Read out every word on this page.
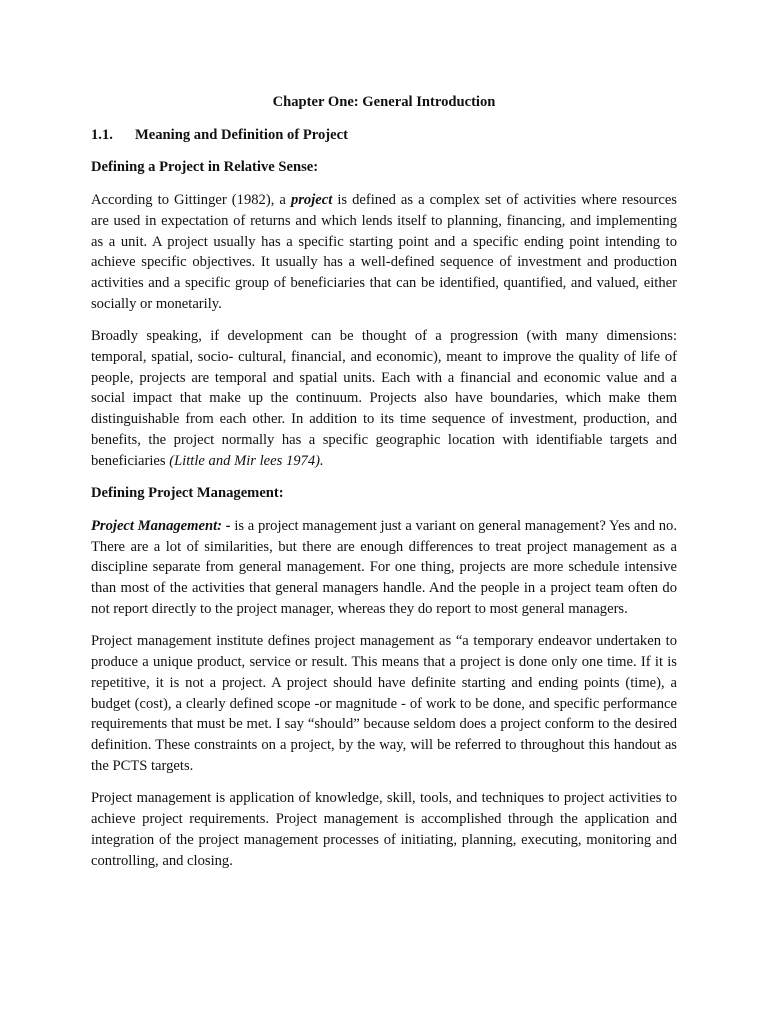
Chapter One: General Introduction
1.1. Meaning and Definition of Project
Defining a Project in Relative Sense:

According to Gittinger (1982), a project is defined as a complex set of activities where resources are used in expectation of returns and which lends itself to planning, financing, and implementing as a unit. A project usually has a specific starting point and a specific ending point intending to achieve specific objectives. It usually has a well-defined sequence of investment and production activities and a specific group of beneficiaries that can be identified, quantified, and valued, either socially or monetarily.

Broadly speaking, if development can be thought of a progression (with many dimensions: temporal, spatial, socio- cultural, financial, and economic), meant to improve the quality of life of people, projects are temporal and spatial units. Each with a financial and economic value and a social impact that make up the continuum. Projects also have boundaries, which make them distinguishable from each other. In addition to its time sequence of investment, production, and benefits, the project normally has a specific geographic location with identifiable targets and beneficiaries (Little and Mir lees 1974).

Defining Project Management:

Project Management: - is a project management just a variant on general management? Yes and no. There are a lot of similarities, but there are enough differences to treat project management as a discipline separate from general management. For one thing, projects are more schedule intensive than most of the activities that general managers handle. And the people in a project team often do not report directly to the project manager, whereas they do report to most general managers.

Project management institute defines project management as “a temporary endeavor undertaken to produce a unique product, service or result. This means that a project is done only one time. If it is repetitive, it is not a project. A project should have definite starting and ending points (time), a budget (cost), a clearly defined scope -or magnitude - of work to be done, and specific performance requirements that must be met. I say “should” because seldom does a project conform to the desired definition. These constraints on a project, by the way, will be referred to throughout this handout as the PCTS targets.

Project management is application of knowledge, skill, tools, and techniques to project activities to achieve project requirements. Project management is accomplished through the application and integration of the project management processes of initiating, planning, executing, monitoring and controlling, and closing.
